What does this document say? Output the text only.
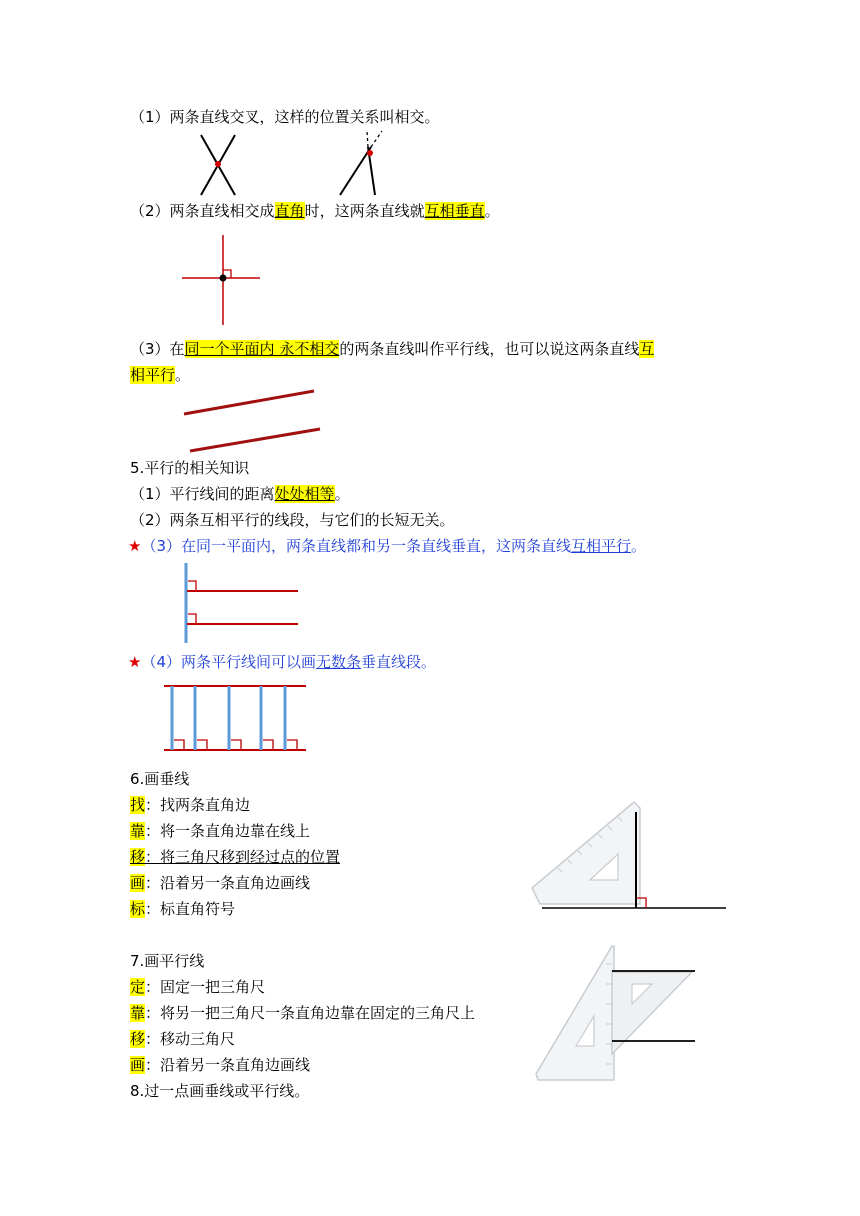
（1）两条直线交叉，这样的位置关系叫相交。
（2）两条直线相交成直角时，这两条直线就互相垂直。
（3）在同一个平面内 永不相交的两条直线叫作平行线，也可以说这两条直线互
相平行。
5.平行的相关知识
（1）平行线间的距离处处相等。
（2）两条互相平行的线段，与它们的长短无关。
★（3）在同一平面内，两条直线都和另一条直线垂直，这两条直线互相平行。
★（4）两条平行线间可以画无数条垂直线段。
6.画垂线
找：找两条直角边
靠：将一条直角边靠在线上
移：将三角尺移到经过点的位置
画：沿着另一条直角边画线
标：标直角符号
7.画平行线
定：固定一把三角尺
靠：将另一把三角尺一条直角边靠在固定的三角尺上
移：移动三角尺
画：沿着另一条直角边画线
8.过一点画垂线或平行线。
